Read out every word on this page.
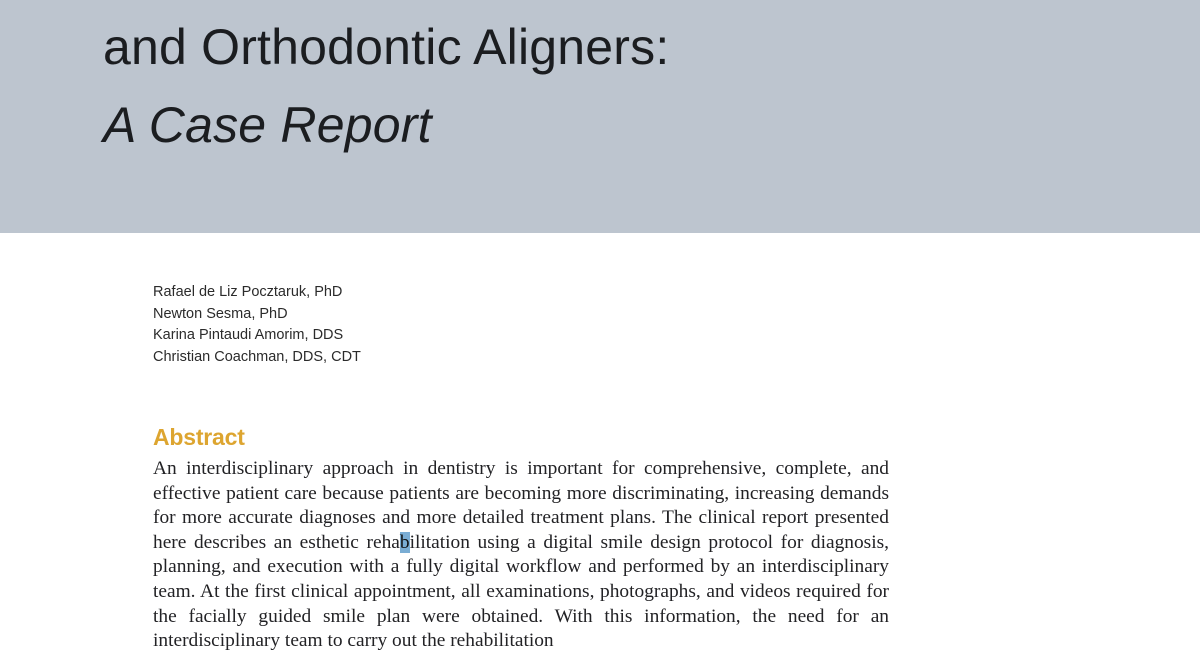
and Orthodontic Aligners:
A Case Report
Rafael de Liz Pocztaruk, PhD
Newton Sesma, PhD
Karina Pintaudi Amorim, DDS
Christian Coachman, DDS, CDT
Abstract
An interdisciplinary approach in dentistry is important for comprehensive, complete, and effective patient care because patients are becoming more discriminating, increasing demands for more accurate diagnoses and more detailed treatment plans. The clinical report presented here describes an esthetic rehabilitation using a digital smile design protocol for diagnosis, planning, and execution with a fully digital workflow and performed by an interdisciplinary team. At the first clinical appointment, all examinations, photographs, and videos required for the facially guided smile plan were obtained. With this information, the need for an interdisciplinary team to carry out the rehabilitation
